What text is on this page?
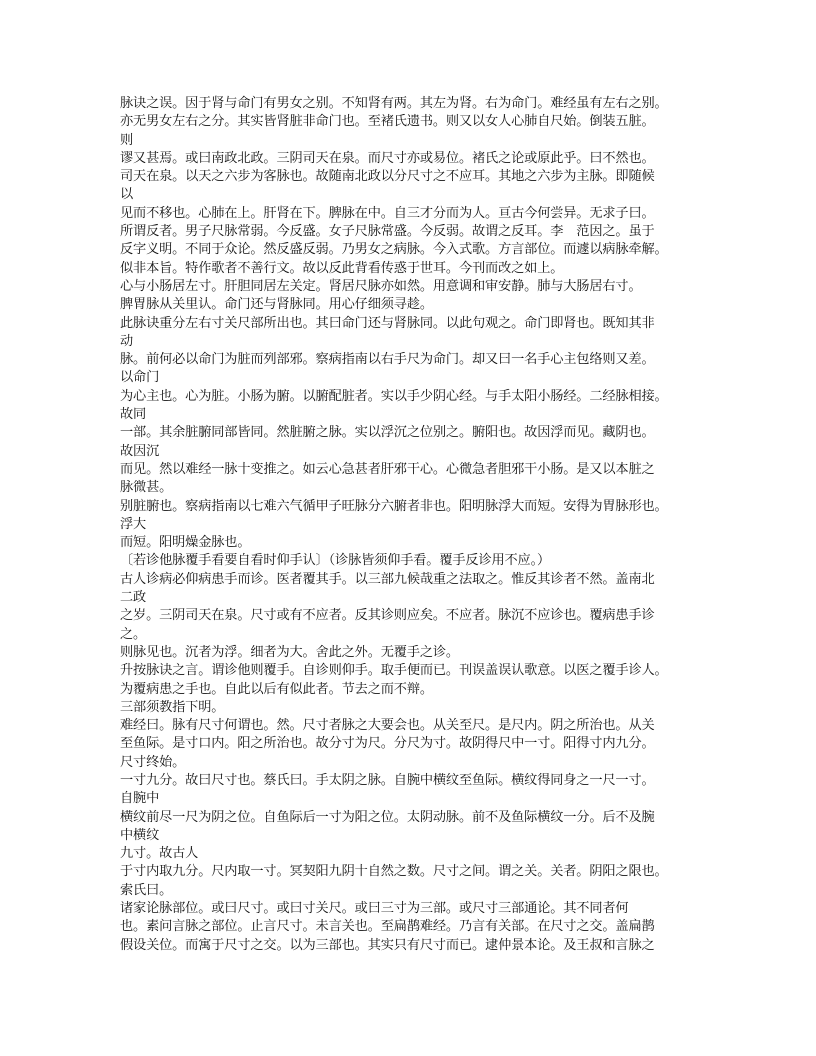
脉诀之误。因于肾与命门有男女之别。不知肾有两。其左为肾。右为命门。难经虽有左右之别。
亦无男女左右之分。其实皆肾脏非命门也。至褚氏遗书。则又以女人心肺自尺始。倒装五脏。
则
谬又甚焉。或曰南政北政。三阴司天在泉。而尺寸亦或易位。褚氏之论或原此乎。曰不然也。
司天在泉。以天之六步为客脉也。故随南北政以分尺寸之不应耳。其地之六步为主脉。即随候
以
见而不移也。心肺在上。肝肾在下。脾脉在中。自三才分而为人。亘古今何尝异。无求子曰。
所谓反者。男子尺脉常弱。今反盛。女子尺脉常盛。今反弱。故谓之反耳。李　范因之。虽于
反字义明。不同于众论。然反盛反弱。乃男女之病脉。今入式歌。方言部位。而遽以病脉牵解。
似非本旨。特作歌者不善行文。故以反此背看传惑于世耳。今刊而改之如上。
心与小肠居左寸。肝胆同居左关定。肾居尺脉亦如然。用意调和审安静。肺与大肠居右寸。
脾胃脉从关里认。命门还与肾脉同。用心仔细须寻趁。
此脉诀重分左右寸关尺部所出也。其曰命门还与肾脉同。以此句观之。命门即肾也。既知其非
动
脉。前何必以命门为脏而列部邪。察病指南以右手尺为命门。却又曰一名手心主包络则又差。
以命门
为心主也。心为脏。小肠为腑。以腑配脏者。实以手少阴心经。与手太阳小肠经。二经脉相接。
故同
一部。其余脏腑同部皆同。然脏腑之脉。实以浮沉之位别之。腑阳也。故因浮而见。藏阴也。
故因沉
而见。然以难经一脉十变推之。如云心急甚者肝邪干心。心微急者胆邪干小肠。是又以本脏之
脉微甚。
别脏腑也。察病指南以七难六气循甲子旺脉分六腑者非也。阳明脉浮大而短。安得为胃脉形也。
浮大
而短。阳明燥金脉也。
〔若诊他脉覆手看要自看时仰手认〕（诊脉皆须仰手看。覆手反诊用不应。）
古人诊病必仰病患手而诊。医者覆其手。以三部九候哉重之法取之。惟反其诊者不然。盖南北
二政
之岁。三阴司天在泉。尺寸或有不应者。反其诊则应矣。不应者。脉沉不应诊也。覆病患手诊
之。
则脉见也。沉者为浮。细者为大。舍此之外。无覆手之诊。
升按脉诀之言。谓诊他则覆手。自诊则仰手。取手便而已。刊误盖误认歌意。以医之覆手诊人。
为覆病患之手也。自此以后有似此者。节去之而不辩。
三部须教指下明。
难经曰。脉有尺寸何谓也。然。尺寸者脉之大要会也。从关至尺。是尺内。阴之所治也。从关
至鱼际。是寸口内。阳之所治也。故分寸为尺。分尺为寸。故阴得尺中一寸。阳得寸内九分。
尺寸终始。
一寸九分。故曰尺寸也。蔡氏曰。手太阴之脉。自腕中横纹至鱼际。横纹得同身之一尺一寸。
自腕中
横纹前尽一尺为阴之位。自鱼际后一寸为阳之位。太阴动脉。前不及鱼际横纹一分。后不及腕
中横纹
九寸。故古人
于寸内取九分。尺内取一寸。冥契阳九阴十自然之数。尺寸之间。谓之关。关者。阴阳之限也。
索氏曰。
诸家论脉部位。或曰尺寸。或曰寸关尺。或曰三寸为三部。或尺寸三部通论。其不同者何
也。素问言脉之部位。止言尺寸。未言关也。至扁鹊难经。乃言有关部。在尺寸之交。盖扁鹊
假设关位。而寓于尺寸之交。以为三部也。其实只有尺寸而已。逮仲景本论。及王叔和言脉之
